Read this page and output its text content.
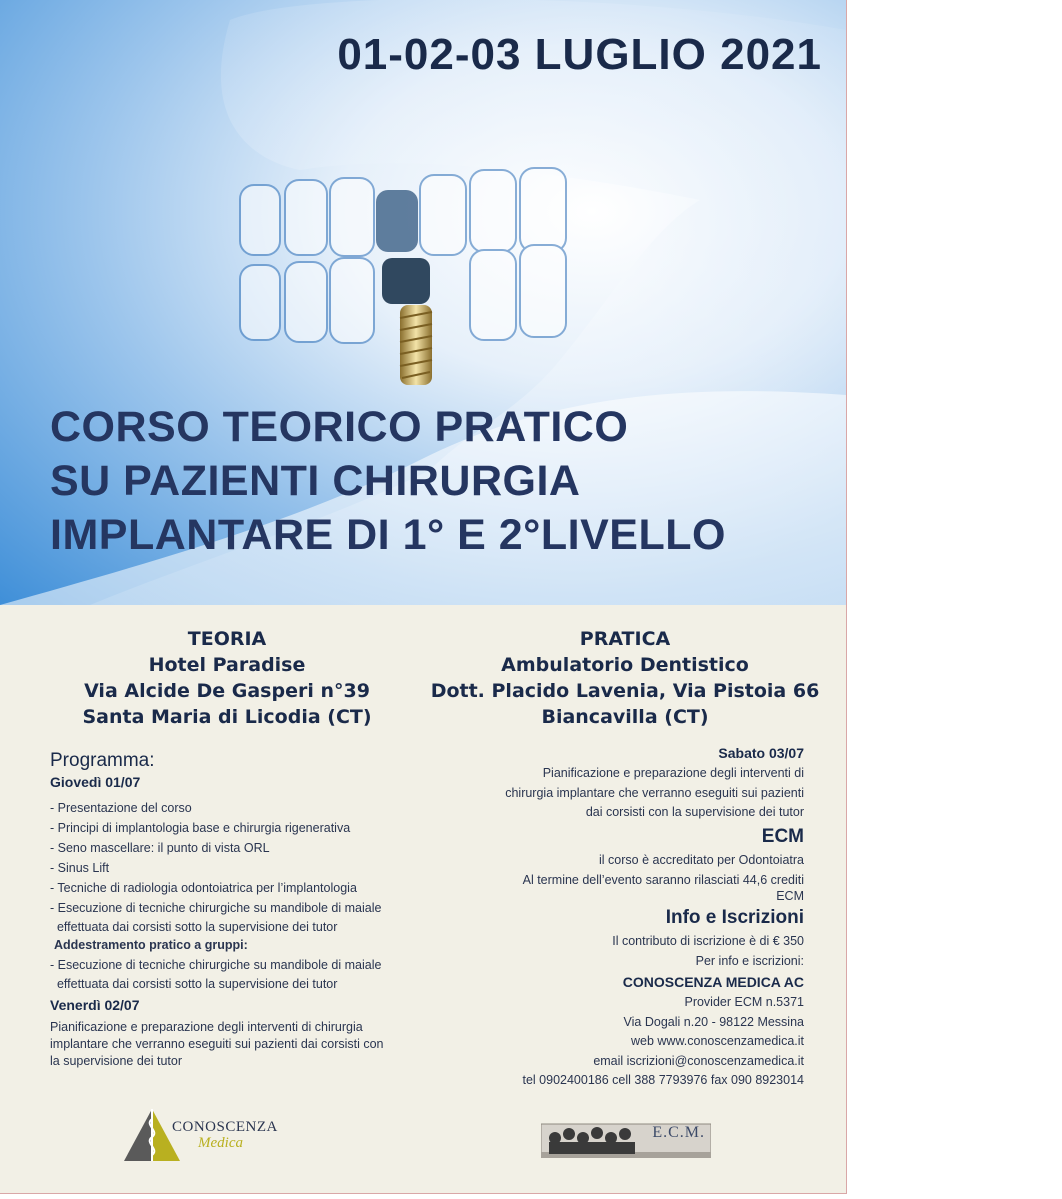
01-02-03 LUGLIO 2021
CORSO TEORICO PRATICO
SU PAZIENTI CHIRURGIA
IMPLANTARE DI 1° E 2°LIVELLO
TEORIA
Hotel Paradise
Via Alcide De Gasperi n°39
Santa Maria di Licodia (CT)
PRATICA
Ambulatorio Dentistico
Dott. Placido Lavenia, Via Pistoia 66
Biancavilla (CT)
Programma:
Giovedì 01/07
- Presentazione del corso
- Principi di implantologia base e chirurgia rigenerativa
- Seno mascellare: il punto di vista ORL
- Sinus Lift
- Tecniche di radiologia odontoiatrica per l’implantologia
- Esecuzione di tecniche chirurgiche su mandibole di maiale
effettuata dai corsisti sotto la supervisione dei tutor
Addestramento pratico a gruppi:
- Esecuzione di tecniche chirurgiche su mandibole di maiale
effettuata dai corsisti sotto la supervisione dei tutor
Venerdì 02/07
Pianificazione e preparazione degli interventi di chirurgia
implantare che verranno eseguiti sui pazienti dai corsisti con
la supervisione dei tutor
Sabato 03/07
Pianificazione e preparazione degli interventi di
chirurgia implantare che verranno eseguiti sui pazienti
dai corsisti con la supervisione dei tutor
ECM
il corso è accreditato per Odontoiatra
Al termine dell’evento saranno rilasciati 44,6 crediti
ECM
Info e Iscrizioni
Il contributo di iscrizione è di € 350
Per info e iscrizioni:
CONOSCENZA MEDICA AC
Provider ECM n.5371
Via Dogali n.20 - 98122 Messina
web www.conoscenzamedica.it
email iscrizioni@conoscenzamedica.it
tel 0902400186 cell 388 7793976 fax 090 8923014
CONOSCENZA
Medica
E.C.M.
